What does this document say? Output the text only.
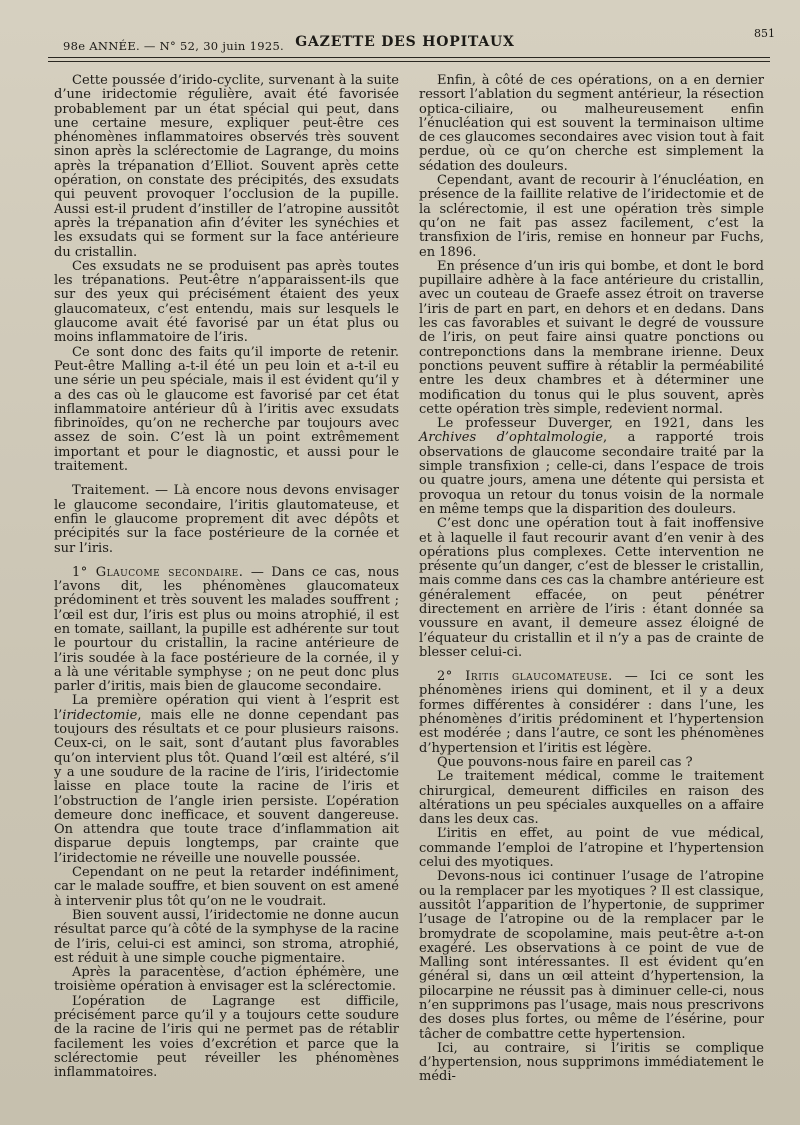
98e ANNÉE. — N° 52, 30 juin 1925. GAZETTE DES HOPITAUX
851

Cette poussée d’irido-cyclite, survenant à la suite d’une iridectomie régulière, avait été favorisée probablement par un état spécial qui peut, dans une certaine mesure, expliquer peut-être ces phénomènes inflammatoires observés très souvent sinon après la sclérectomie de Lagrange, du moins après la trépanation d’Elliot. Souvent après cette opération, on constate des précipités, des exsudats qui peuvent provoquer l’occlusion de la pupille. Aussi est-il prudent d’instiller de l’atropine aussitôt après la trépanation afin d’éviter les synéchies et les exsudats qui se forment sur la face antérieure du cristallin.

Ces exsudats ne se produisent pas après toutes les trépanations. Peut-être n’apparaissent-ils que sur des yeux qui précisément étaient des yeux glaucomateux, c’est entendu, mais sur lesquels le glaucome avait été favorisé par un état plus ou moins inflammatoire de l’iris.

Ce sont donc des faits qu’il importe de retenir. Peut-être Malling a-t-il été un peu loin et a-t-il eu une série un peu spéciale, mais il est évident qu’il y a des cas où le glaucome est favorisé par cet état inflammatoire antérieur dû à l’iritis avec exsudats fibrinoïdes, qu’on ne recherche par toujours avec assez de soin. C’est là un point extrêmement important et pour le diagnostic, et aussi pour le traitement.

Traitement. — Là encore nous devons envisager le glaucome secondaire, l’iritis glautomateuse, et enfin le glaucome proprement dit avec dépôts et précipités sur la face postérieure de la cornée et sur l’iris.

1° Glaucome secondaire. — Dans ce cas, nous l’avons dit, les phénomènes glaucomateux prédominent et très souvent les malades souffrent ; l’œil est dur, l’iris est plus ou moins atrophié, il est en tomate, saillant, la pupille est adhérente sur tout le pourtour du cristallin, la racine antérieure de l’iris soudée à la face postérieure de la cornée, il y a là une véritable symphyse ; on ne peut donc plus parler d’iritis, mais bien de glaucome secondaire.

La première opération qui vient à l’esprit est l’iridectomie, mais elle ne donne cependant pas toujours des résultats et ce pour plusieurs raisons. Ceux-ci, on le sait, sont d’autant plus favorables qu’on intervient plus tôt. Quand l’œil est altéré, s’il y a une soudure de la racine de l’iris, l’iridectomie laisse en place toute la racine de l’iris et l’obstruction de l’angle irien persiste. L’opération demeure donc inefficace, et souvent dangereuse. On attendra que toute trace d’inflammation ait disparue depuis longtemps, par crainte que l’iridectomie ne réveille une nouvelle poussée.

Cependant on ne peut la retarder indéfiniment, car le malade souffre, et bien souvent on est amené à intervenir plus tôt qu’on ne le voudrait.

Bien souvent aussi, l’iridectomie ne donne aucun résultat parce qu’à côté de la symphyse de la racine de l’iris, celui-ci est aminci, son stroma, atrophié, est réduit à une simple couche pigmentaire.

Après la paracentèse, d’action éphémère, une troisième opération à envisager est la sclérectomie.

L’opération de Lagrange est difficile, précisément parce qu’il y a toujours cette soudure de la racine de l’iris qui ne permet pas de rétablir facilement les voies d’excrétion et parce que la sclérectomie peut réveiller les phénomènes inflammatoires.

Enfin, à côté de ces opérations, on a en dernier ressort l’ablation du segment antérieur, la résection optica-ciliaire, ou malheureusement enfin l’énucléation qui est souvent la terminaison ultime de ces glaucomes secondaires avec vision tout à fait perdue, où ce qu’on cherche est simplement la sédation des douleurs.

Cependant, avant de recourir à l’énucléation, en présence de la faillite relative de l’iridectomie et de la sclérectomie, il est une opération très simple qu’on ne fait pas assez facilement, c’est la transfixion de l’iris, remise en honneur par Fuchs, en 1896.

En présence d’un iris qui bombe, et dont le bord pupillaire adhère à la face antérieure du cristallin, avec un couteau de Graefe assez étroit on traverse l’iris de part en part, en dehors et en dedans. Dans les cas favorables et suivant le degré de voussure de l’iris, on peut faire ainsi quatre ponctions ou contreponctions dans la membrane irienne. Deux ponctions peuvent suffire à rétablir la perméabilité entre les deux chambres et à déterminer une modification du tonus qui le plus souvent, après cette opération très simple, redevient normal.

Le professeur Duverger, en 1921, dans les Archives d’ophtalmologie, a rapporté trois observations de glaucome secondaire traité par la simple transfixion ; celle-ci, dans l’espace de trois ou quatre jours, amena une détente qui persista et provoqua un retour du tonus voisin de la normale en même temps que la disparition des douleurs.

C’est donc une opération tout à fait inoffensive et à laquelle il faut recourir avant d’en venir à des opérations plus complexes. Cette intervention ne présente qu’un danger, c’est de blesser le cristallin, mais comme dans ces cas la chambre antérieure est généralement effacée, on peut pénétrer directement en arrière de l’iris : étant donnée sa voussure en avant, il demeure assez éloigné de l’équateur du cristallin et il n’y a pas de crainte de blesser celui-ci.

2° Iritis glaucomateuse. — Ici ce sont les phénomènes iriens qui dominent, et il y a deux formes différentes à considérer : dans l’une, les phénomènes d’iritis prédominent et l’hypertension est modérée ; dans l’autre, ce sont les phénomènes d’hypertension et l’iritis est légère.

Que pouvons-nous faire en pareil cas ?

Le traitement médical, comme le traitement chirurgical, demeurent difficiles en raison des altérations un peu spéciales auxquelles on a affaire dans les deux cas.

L’iritis en effet, au point de vue médical, commande l’emploi de l’atropine et l’hypertension celui des myotiques.

Devons-nous ici continuer l’usage de l’atropine ou la remplacer par les myotiques ? Il est classique, aussitôt l’apparition de l’hypertonie, de supprimer l’usage de l’atropine ou de la remplacer par le bromydrate de scopolamine, mais peut-être a-t-on exagéré. Les observations à ce point de vue de Malling sont intéressantes. Il est évident qu’en général si, dans un œil atteint d’hypertension, la pilocarpine ne réussit pas à diminuer celle-ci, nous n’en supprimons pas l’usage, mais nous prescrivons des doses plus fortes, ou même de l’ésérine, pour tâcher de combattre cette hypertension.

Ici, au contraire, si l’iritis se complique d’hypertension, nous supprimons immédiatement le médi-
